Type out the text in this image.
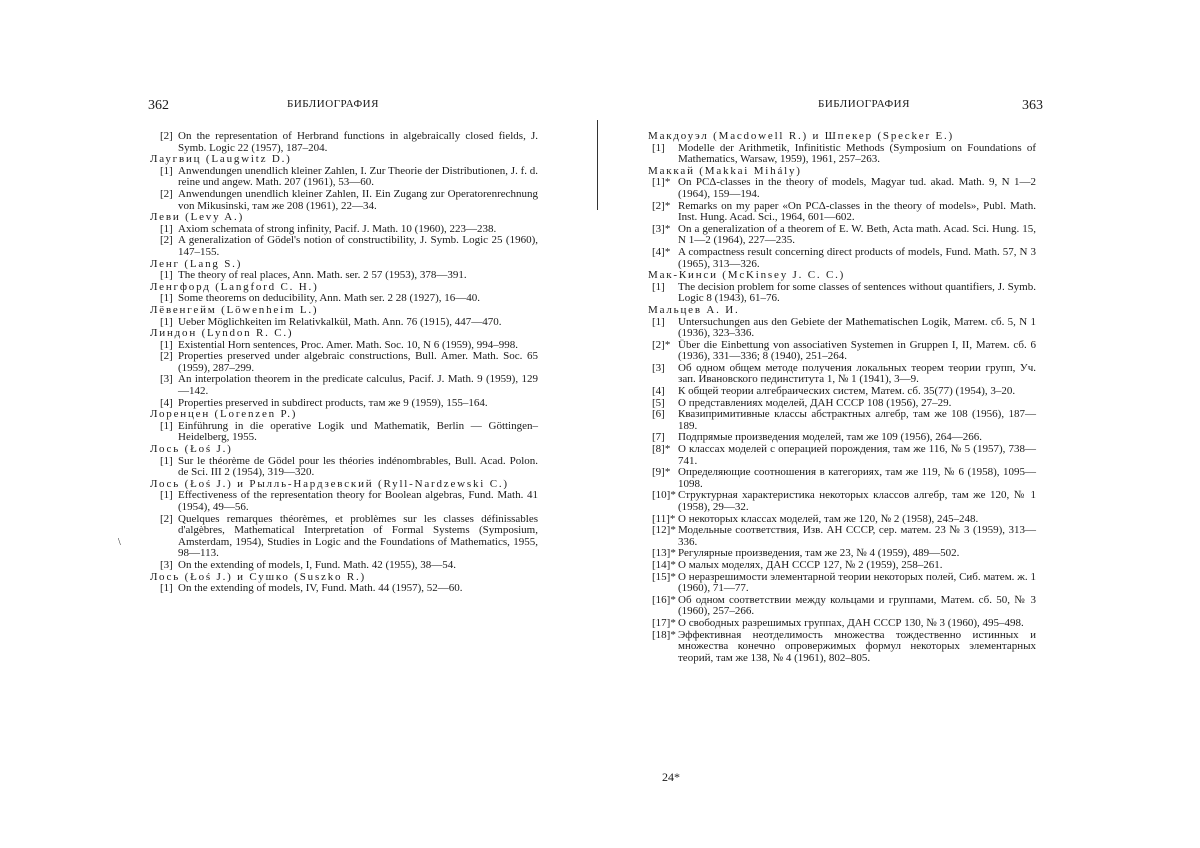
362	БИБЛИОГРАФИЯ	БИБЛИОГРАФИЯ	363
[2] On the representation of Herbrand functions in algebraically closed fields, J. Symb. Logic 22 (1957), 187–204.
Лаугвиц (Laugwitz D.)
[1] Anwendungen unendlich kleiner Zahlen, I. Zur Theorie der Distributionen, J. f. d. reine und angew. Math. 207 (1961), 53—60.
[2] Anwendungen unendlich kleiner Zahlen, II. Ein Zugang zur Operatorenrechnung von Mikusinski, там же 208 (1961), 22—34.
Леви (Levy A.)
[1] Axiom schemata of strong infinity, Pacif. J. Math. 10 (1960), 223—238.
[2] A generalization of Gödel's notion of constructibility, J. Symb. Logic 25 (1960), 147–155.
Ленг (Lang S.)
[1] The theory of real places, Ann. Math. ser. 2 57 (1953), 378—391.
Ленгфорд (Langford C. H.)
[1] Some theorems on deducibility, Ann. Math ser. 2 28 (1927), 16—40.
Лёвенгейм (Löwenheim L.)
[1] Ueber Möglichkeiten im Relativkalkül, Math. Ann. 76 (1915), 447—470.
Линдон (Lyndon R. C.)
[1] Existential Horn sentences, Proc. Amer. Math. Soc. 10, N 6 (1959), 994–998.
[2] Properties preserved under algebraic constructions, Bull. Amer. Math. Soc. 65 (1959), 287–299.
[3] An interpolation theorem in the predicate calculus, Pacif. J. Math. 9 (1959), 129—142.
[4] Properties preserved in subdirect products, там же 9 (1959), 155–164.
Лоренцен (Lorenzen P.)
[1] Einführung in die operative Logik und Mathematik, Berlin — Göttingen– Heidelberg, 1955.
Лось (Łoś J.)
[1] Sur le théorème de Gödel pour les théories indénombrables, Bull. Acad. Polon. de Sci. III 2 (1954), 319—320.
Лось (Łoś J.) и Рылль-Нардзевский (Ryll-Nardzewski C.)
[1] Effectiveness of the representation theory for Boolean algebras, Fund. Math. 41 (1954), 49—56.
[2] Quelques remarques théorèmes, et problèmes sur les classes définissables d'algèbres, Mathematical Interpretation of Formal Systems (Symposium, Amsterdam, 1954), Studies in Logic and the Foundations of Mathematics, 1955, 98—113.
[3] On the extending of models, I, Fund. Math. 42 (1955), 38—54.
Лось (Łoś J.) и Сушко (Suszko R.)
[1] On the extending of models, IV, Fund. Math. 44 (1957), 52—60.
Макдоуэл (Macdowell R.) и Шпекер (Specker E.)
[1] Modelle der Arithmetik, Infinitistic Methods (Symposium on Foundations of Mathematics, Warsaw, 1959), 1961, 257–263.
Маккай (Makkai Mihály)
[1]* On PCΔ-classes in the theory of models, Magyar tud. akad. Math. 9, N 1—2 (1964), 159—194.
[2]* Remarks on my paper «On PCΔ-classes in the theory of models», Publ. Math. Inst. Hung. Acad. Sci., 1964, 601—602.
[3]* On a generalization of a theorem of E. W. Beth, Acta math. Acad. Sci. Hung. 15, N 1—2 (1964), 227—235.
[4]* A compactness result concerning direct products of models, Fund. Math. 57, N 3 (1965), 313—326.
Мак-Кинси (McKinsey J. C. C.)
[1] The decision problem for some classes of sentences without quantifiers, J. Symb. Logic 8 (1943), 61–76.
Мальцев А. И.
[1] Untersuchungen aus den Gebiete der Mathematischen Logik, Матем. сб. 5, N 1 (1936), 323–336.
[2]* Über die Einbettung von associativen Systemen in Gruppen I, II, Матем. сб. 6 (1936), 331—336; 8 (1940), 251–264.
[3] Об одном общем методе получения локальных теорем теории групп, Уч. зап. Ивановского пединститута 1, № 1 (1941), 3—9.
[4] К общей теории алгебраических систем, Матем. сб. 35(77) (1954), 3–20.
[5] О представлениях моделей, ДАН СССР 108 (1956), 27–29.
[6] Квазипримитивные классы абстрактных алгебр, там же 108 (1956), 187—189.
[7] Подпрямые произведения моделей, там же 109 (1956), 264—266.
[8]* О классах моделей с операцией порождения, там же 116, № 5 (1957), 738—741.
[9]* Определяющие соотношения в категориях, там же 119, № 6 (1958), 1095—1098.
[10]* Структурная характеристика некоторых классов алгебр, там же 120, № 1 (1958), 29—32.
[11]* О некоторых классах моделей, там же 120, № 2 (1958), 245–248.
[12]* Модельные соответствия, Изв. АН СССР, сер. матем. 23 № 3 (1959), 313—336.
[13]* Регулярные произведения, там же 23, № 4 (1959), 489—502.
[14]* О малых моделях, ДАН СССР 127, № 2 (1959), 258–261.
[15]* О неразрешимости элементарной теории некоторых полей, Сиб. матем. ж. 1 (1960), 71—77.
[16]* Об одном соответствии между кольцами и группами, Матем. сб. 50, № 3 (1960), 257–266.
[17]* О свободных разрешимых группах, ДАН СССР 130, № 3 (1960), 495–498.
[18]* Эффективная неотделимость множества тождественно истинных и множества конечно опровержимых формул некоторых элементарных теорий, там же 138, № 4 (1961), 802–805.
\
24*
